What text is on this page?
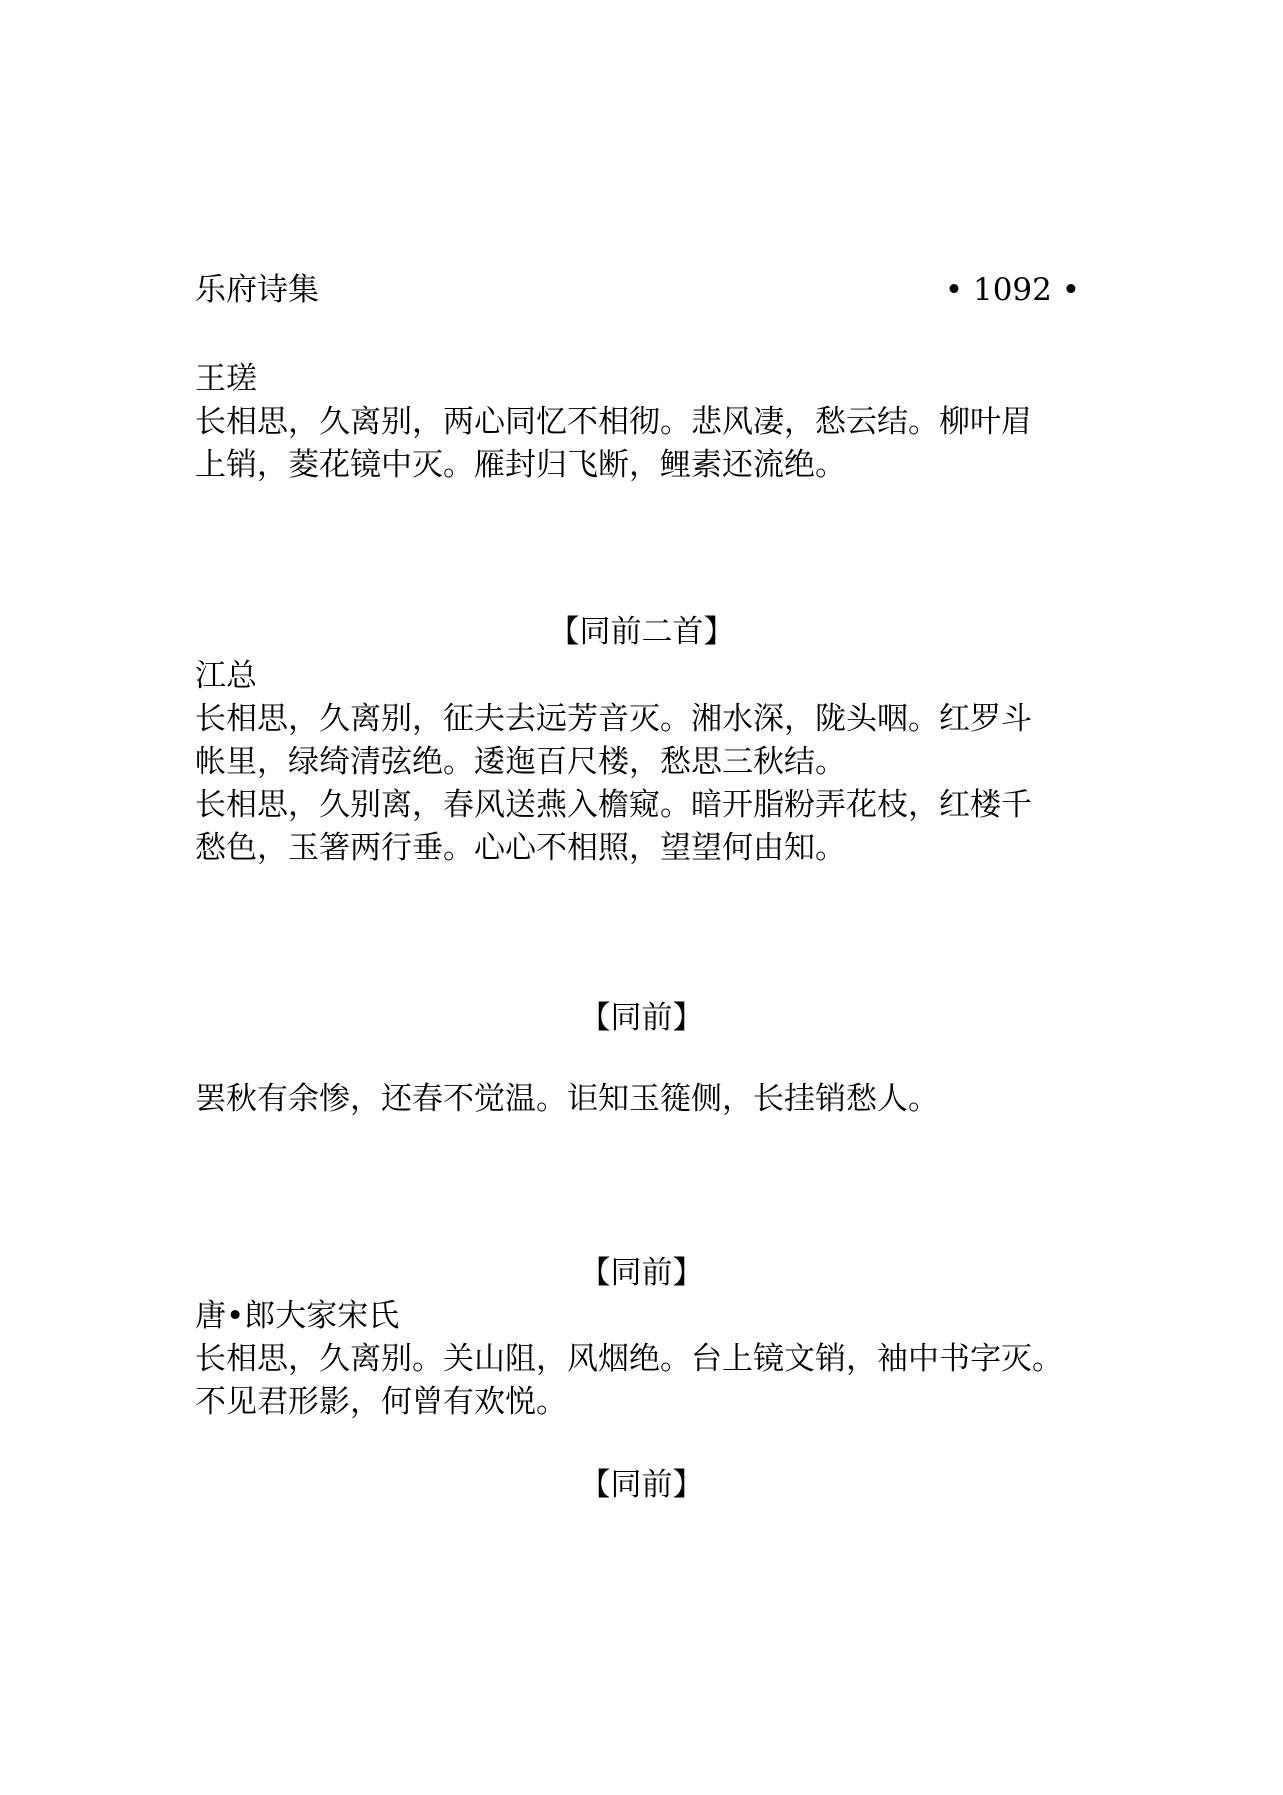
乐府诗集	• 1092 •

王瑳

长相思，久离别，两心同忆不相彻。悲风凄，愁云结。柳叶眉

上销，菱花镜中灭。雁封归飞断，鲤素还流绝。

【同前二首】

江总

长相思，久离别，征夫去远芳音灭。湘水深，陇头咽。红罗斗

帐里，绿绮清弦绝。逶迤百尺楼，愁思三秋结。

长相思，久别离，春风送燕入檐窥。暗开脂粉弄花枝，红楼千

愁色，玉箸两行垂。心心不相照，望望何由知。

【同前】

罢秋有余惨，还春不觉温。讵知玉簁侧，长挂销愁人。

【同前】

唐•郎大家宋氏

长相思，久离别。关山阻，风烟绝。台上镜文销，袖中书字灭。

不见君形影，何曾有欢悦。

【同前】
